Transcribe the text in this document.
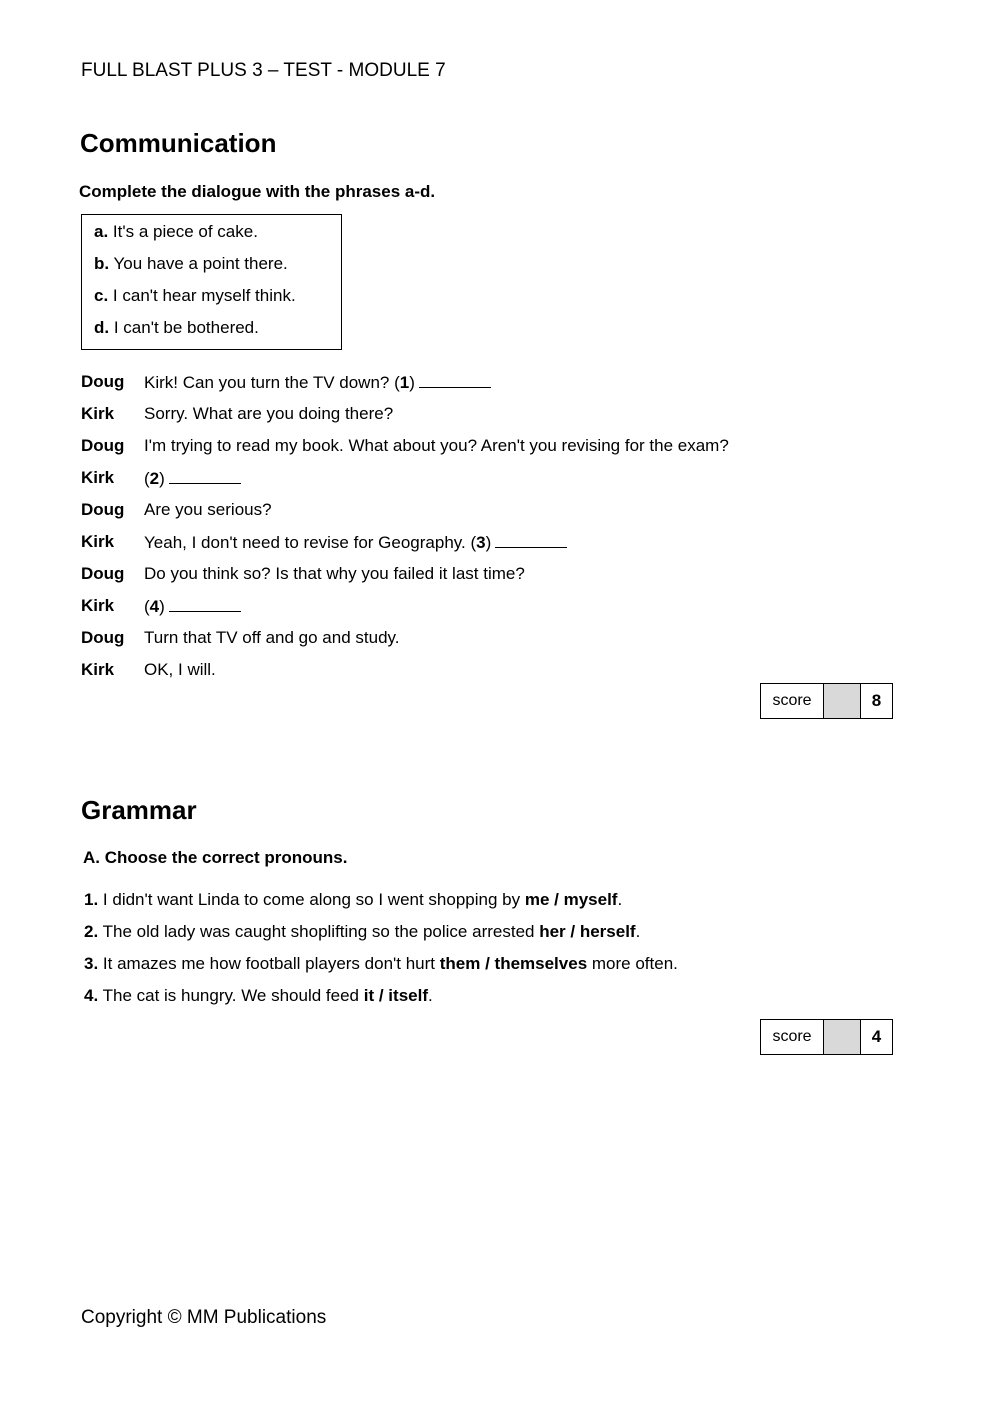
FULL BLAST PLUS 3 – TEST - MODULE 7
Communication
Complete the dialogue with the phrases a-d.
a. It's a piece of cake.
b. You have a point there.
c. I can't hear myself think.
d. I can't be bothered.
Doug Kirk! Can you turn the TV down? (1)
Kirk Sorry. What are you doing there?
Doug I'm trying to read my book. What about you? Aren't you revising for the exam?
Kirk (2)
Doug Are you serious?
Kirk Yeah, I don't need to revise for Geography. (3)
Doug Do you think so? Is that why you failed it last time?
Kirk (4)
Doug Turn that TV off and go and study.
Kirk OK, I will.
score	8
Grammar
A. Choose the correct pronouns.
1. I didn't want Linda to come along so I went shopping by me / myself.
2. The old lady was caught shoplifting so the police arrested her / herself.
3. It amazes me how football players don't hurt them / themselves more often.
4. The cat is hungry. We should feed it / itself.
score	4
Copyright © MM Publications
